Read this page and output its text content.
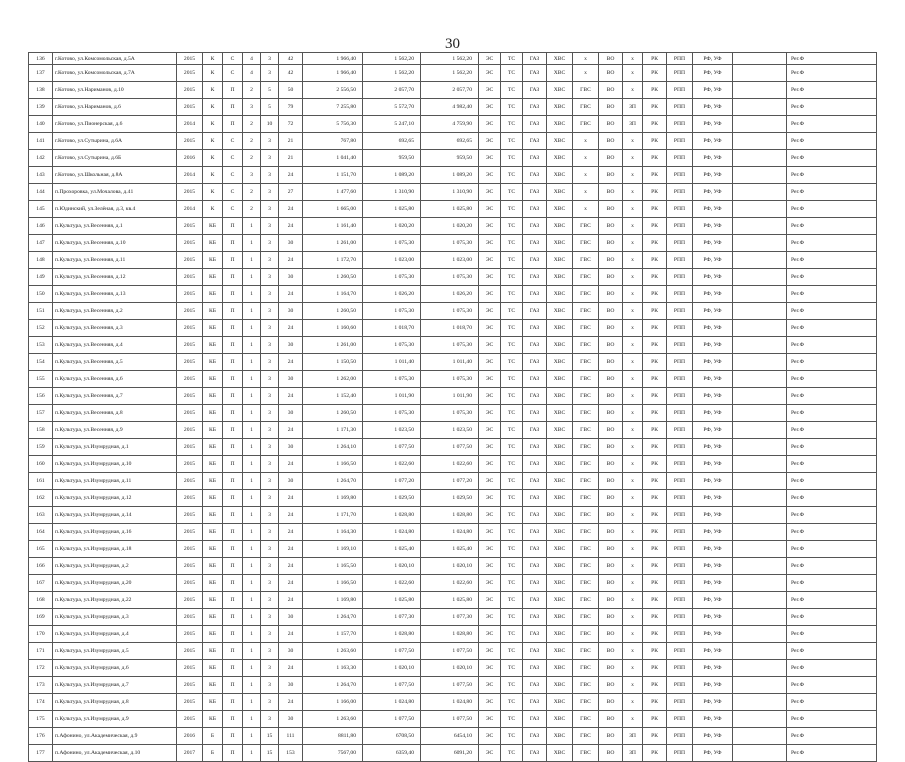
30
136	г.Котово, ул.Комсомольская, д.5А	2015	К	С	4	3	42	1 966,40	1 562,20	1 562,20	ЭС	ТС	ГАЗ	ХВС	х	ВО	х	РК	РПП	РФ, УФ		Рег.Ф
137	г.Котово, ул.Комсомольская, д.7А	2015	К	С	4	3	42	1 966,40	1 562,20	1 562,20	ЭС	ТС	ГАЗ	ХВС	х	ВО	х	РК	РПП	РФ, УФ		Рег.Ф
138	г.Котово, ул.Нариманов, д.10	2015	К	П	2	5	50	2 556,50	2 057,70	2 057,70	ЭС	ТС	ГАЗ	ХВС	ГВС	ВО	х	РК	РПП	РФ, УФ		Рег.Ф
139	г.Котово, ул.Нариманов, д.6	2015	К	П	3	5	79	7 255,80	5 572,70	4 982,40	ЭС	ТС	ГАЗ	ХВС	ГВС	ВО	ЗП	РК	РПП	РФ, УФ		Рег.Ф
140	г.Котово, ул.Пионерская, д.6	2014	К	П	2	10	72	5 756,30	5 247,10	4 759,90	ЭС	ТС	ГАЗ	ХВС	ГВС	ВО	ЗП	РК	РПП	РФ, УФ		Рег.Ф
141	г.Котово, ул.Сутырина, д.6А	2015	К	С	2	3	21	767,80	692,65	692,65	ЭС	ТС	ГАЗ	ХВС	х	ВО	х	РК	РПП	РФ, УФ		Рег.Ф
142	г.Котово, ул.Сутырина, д.6Б	2016	К	С	2	3	21	1 041,40	959,50	959,50	ЭС	ТС	ГАЗ	ХВС	х	ВО	х	РК	РПП	РФ, УФ		Рег.Ф
143	г.Котово, ул.Школьная, д.8А	2014	К	С	3	3	24	1 151,70	1 089,20	1 089,20	ЭС	ТС	ГАЗ	ХВС	х	ВО	х	РК	РПП	РФ, УФ		Рег.Ф
144	п.Прохоровка, ул.Мочалова, д.41	2015	К	С	2	3	27	1 477,60	1 310,90	1 310,90	ЭС	ТС	ГАЗ	ХВС	х	ВО	х	РК	РПП	РФ, УФ		Рег.Ф
145	п.Юдинский, ул.Зелёная, д.3, кв.4	2014	К	С	2	3	24	1 665,00	1 025,80	1 025,80	ЭС	ТС	ГАЗ	ХВС	х	ВО	х	РК	РПП	РФ, УФ		Рег.Ф
146	п.Культура, ул.Весенняя, д.1	2015	КБ	П	1	3	24	1 161,40	1 020,20	1 020,20	ЭС	ТС	ГАЗ	ХВС	ГВС	ВО	х	РК	РПП	РФ, УФ		Рег.Ф
147	п.Культура, ул.Весенняя, д.10	2015	КБ	П	1	3	30	1 261,00	1 075,30	1 075,30	ЭС	ТС	ГАЗ	ХВС	ГВС	ВО	х	РК	РПП	РФ, УФ		Рег.Ф
148	п.Культура, ул.Весенняя, д.11	2015	КБ	П	1	3	24	1 172,70	1 023,00	1 023,00	ЭС	ТС	ГАЗ	ХВС	ГВС	ВО	х	РК	РПП	РФ, УФ		Рег.Ф
149	п.Культура, ул.Весенняя, д.12	2015	КБ	П	1	3	30	1 260,50	1 075,30	1 075,30	ЭС	ТС	ГАЗ	ХВС	ГВС	ВО	х	РК	РПП	РФ, УФ		Рег.Ф
150	п.Культура, ул.Весенняя, д.13	2015	КБ	П	1	3	24	1 164,70	1 026,20	1 026,20	ЭС	ТС	ГАЗ	ХВС	ГВС	ВО	х	РК	РПП	РФ, УФ		Рег.Ф
151	п.Культура, ул.Весенняя, д.2	2015	КБ	П	1	3	30	1 260,50	1 075,30	1 075,30	ЭС	ТС	ГАЗ	ХВС	ГВС	ВО	х	РК	РПП	РФ, УФ		Рег.Ф
152	п.Культура, ул.Весенняя, д.3	2015	КБ	П	1	3	24	1 160,60	1 018,70	1 018,70	ЭС	ТС	ГАЗ	ХВС	ГВС	ВО	х	РК	РПП	РФ, УФ		Рег.Ф
153	п.Культура, ул.Весенняя, д.4	2015	КБ	П	1	3	30	1 261,00	1 075,30	1 075,30	ЭС	ТС	ГАЗ	ХВС	ГВС	ВО	х	РК	РПП	РФ, УФ		Рег.Ф
154	п.Культура, ул.Весенняя, д.5	2015	КБ	П	1	3	24	1 150,50	1 011,40	1 011,40	ЭС	ТС	ГАЗ	ХВС	ГВС	ВО	х	РК	РПП	РФ, УФ		Рег.Ф
155	п.Культура, ул.Весенняя, д.6	2015	КБ	П	1	3	30	1 262,00	1 075,30	1 075,30	ЭС	ТС	ГАЗ	ХВС	ГВС	ВО	х	РК	РПП	РФ, УФ		Рег.Ф
156	п.Культура, ул.Весенняя, д.7	2015	КБ	П	1	3	24	1 152,40	1 011,90	1 011,90	ЭС	ТС	ГАЗ	ХВС	ГВС	ВО	х	РК	РПП	РФ, УФ		Рег.Ф
157	п.Культура, ул.Весенняя, д.8	2015	КБ	П	1	3	30	1 260,50	1 075,30	1 075,30	ЭС	ТС	ГАЗ	ХВС	ГВС	ВО	х	РК	РПП	РФ, УФ		Рег.Ф
158	п.Культура, ул.Весенняя, д.9	2015	КБ	П	1	3	24	1 171,30	1 023,50	1 023,50	ЭС	ТС	ГАЗ	ХВС	ГВС	ВО	х	РК	РПП	РФ, УФ		Рег.Ф
159	п.Культура, ул.Изумрудная, д.1	2015	КБ	П	1	3	30	1 264,10	1 077,50	1 077,50	ЭС	ТС	ГАЗ	ХВС	ГВС	ВО	х	РК	РПП	РФ, УФ		Рег.Ф
160	п.Культура, ул.Изумрудная, д.10	2015	КБ	П	1	3	24	1 166,50	1 022,60	1 022,60	ЭС	ТС	ГАЗ	ХВС	ГВС	ВО	х	РК	РПП	РФ, УФ		Рег.Ф
161	п.Культура, ул.Изумрудная, д.11	2015	КБ	П	1	3	30	1 264,70	1 077,20	1 077,20	ЭС	ТС	ГАЗ	ХВС	ГВС	ВО	х	РК	РПП	РФ, УФ		Рег.Ф
162	п.Культура, ул.Изумрудная, д.12	2015	КБ	П	1	3	24	1 169,80	1 029,50	1 029,50	ЭС	ТС	ГАЗ	ХВС	ГВС	ВО	х	РК	РПП	РФ, УФ		Рег.Ф
163	п.Культура, ул.Изумрудная, д.14	2015	КБ	П	1	3	24	1 171,70	1 028,80	1 028,80	ЭС	ТС	ГАЗ	ХВС	ГВС	ВО	х	РК	РПП	РФ, УФ		Рег.Ф
164	п.Культура, ул.Изумрудная, д.16	2015	КБ	П	1	3	24	1 164,30	1 024,80	1 024,80	ЭС	ТС	ГАЗ	ХВС	ГВС	ВО	х	РК	РПП	РФ, УФ		Рег.Ф
165	п.Культура, ул.Изумрудная, д.18	2015	КБ	П	1	3	24	1 169,10	1 025,40	1 025,40	ЭС	ТС	ГАЗ	ХВС	ГВС	ВО	х	РК	РПП	РФ, УФ		Рег.Ф
166	п.Культура, ул.Изумрудная, д.2	2015	КБ	П	1	3	24	1 165,50	1 020,10	1 020,10	ЭС	ТС	ГАЗ	ХВС	ГВС	ВО	х	РК	РПП	РФ, УФ		Рег.Ф
167	п.Культура, ул.Изумрудная, д.20	2015	КБ	П	1	3	24	1 166,50	1 022,60	1 022,60	ЭС	ТС	ГАЗ	ХВС	ГВС	ВО	х	РК	РПП	РФ, УФ		Рег.Ф
168	п.Культура, ул.Изумрудная, д.22	2015	КБ	П	1	3	24	1 169,80	1 025,80	1 025,80	ЭС	ТС	ГАЗ	ХВС	ГВС	ВО	х	РК	РПП	РФ, УФ		Рег.Ф
169	п.Культура, ул.Изумрудная, д.3	2015	КБ	П	1	3	30	1 264,70	1 077,30	1 077,30	ЭС	ТС	ГАЗ	ХВС	ГВС	ВО	х	РК	РПП	РФ, УФ		Рег.Ф
170	п.Культура, ул.Изумрудная, д.4	2015	КБ	П	1	3	24	1 157,70	1 028,80	1 028,80	ЭС	ТС	ГАЗ	ХВС	ГВС	ВО	х	РК	РПП	РФ, УФ		Рег.Ф
171	п.Культура, ул.Изумрудная, д.5	2015	КБ	П	1	3	30	1 263,60	1 077,50	1 077,50	ЭС	ТС	ГАЗ	ХВС	ГВС	ВО	х	РК	РПП	РФ, УФ		Рег.Ф
172	п.Культура, ул.Изумрудная, д.6	2015	КБ	П	1	3	24	1 163,30	1 020,10	1 020,10	ЭС	ТС	ГАЗ	ХВС	ГВС	ВО	х	РК	РПП	РФ, УФ		Рег.Ф
173	п.Культура, ул.Изумрудная, д.7	2015	КБ	П	1	3	30	1 264,70	1 077,50	1 077,50	ЭС	ТС	ГАЗ	ХВС	ГВС	ВО	х	РК	РПП	РФ, УФ		Рег.Ф
174	п.Культура, ул.Изумрудная, д.8	2015	КБ	П	1	3	24	1 166,00	1 024,80	1 024,80	ЭС	ТС	ГАЗ	ХВС	ГВС	ВО	х	РК	РПП	РФ, УФ		Рег.Ф
175	п.Культура, ул.Изумрудная, д.9	2015	КБ	П	1	3	30	1 263,60	1 077,50	1 077,50	ЭС	ТС	ГАЗ	ХВС	ГВС	ВО	х	РК	РПП	РФ, УФ		Рег.Ф
176	п.Афонино, ул.Академическая, д.9	2016	Б	П	1	15	111	8811,80	6708,50	6454,10	ЭС	ТС	ГАЗ	ХВС	ГВС	ВО	ЗП	РК	РПП	РФ, УФ		Рег.Ф
177	п.Афонино, ул.Академическая, д.10	2017	Б	П	1	15	153	7567,00	6359,40	6091,20	ЭС	ТС	ГАЗ	ХВС	ГВС	ВО	ЗП	РК	РПП	РФ, УФ		Рег.Ф
